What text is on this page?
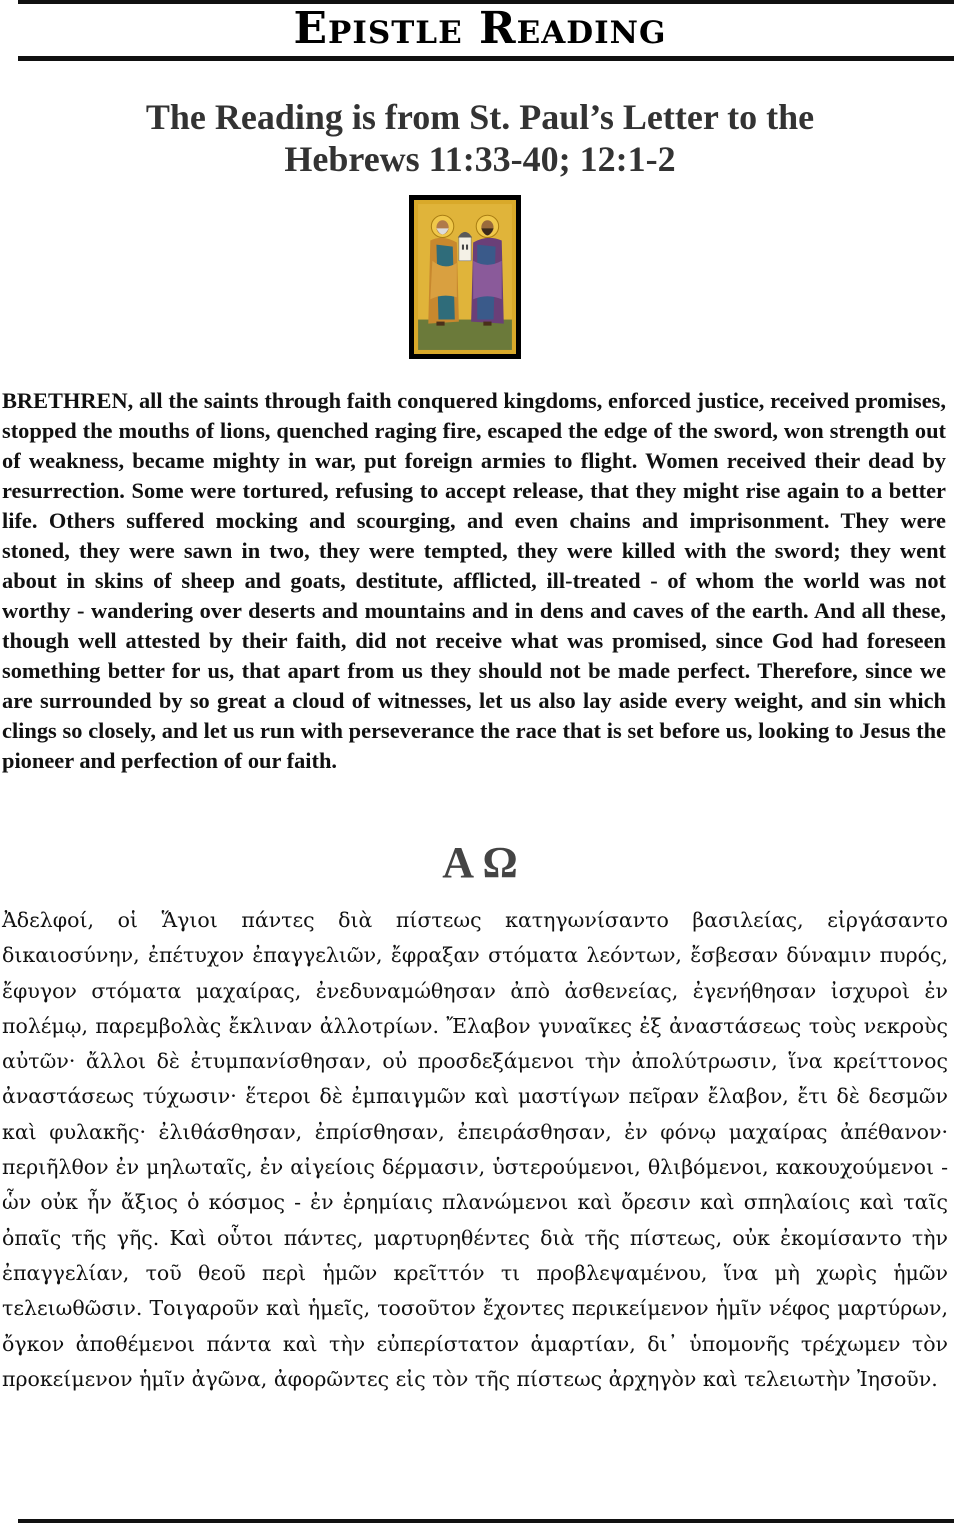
Epistle Reading
The Reading is from St. Paul’s Letter to the
Hebrews 11:33-40; 12:1-2

BRETHREN, all the saints through faith conquered kingdoms, enforced justice, received promises, stopped the mouths of lions, quenched raging fire, escaped the edge of the sword, won strength out of weakness, became mighty in war, put foreign armies to flight. Women received their dead by resurrection. Some were tortured, refusing to accept release, that they might rise again to a better life. Others suffered mocking and scourging, and even chains and imprisonment. They were stoned, they were sawn in two, they were tempted, they were killed with the sword; they went about in skins of sheep and goats, destitute, afflicted, ill-treated - of whom the world was not worthy - wandering over deserts and mountains and in dens and caves of the earth. And all these, though well attested by their faith, did not receive what was promised, since God had foreseen something better for us, that apart from us they should not be made perfect. Therefore, since we are surrounded by so great a cloud of witnesses, let us also lay aside every weight, and sin which clings so closely, and let us run with perseverance the race that is set before us, looking to Jesus the pioneer and perfection of our faith.

Α Ω

Ἀδελφοί, οἱ Ἅγιοι πάντες διὰ πίστεως κατηγωνίσαντο βασιλείας, εἰργάσαντο δικαιοσύνην, ἐπέτυχον ἐπαγγελιῶν, ἔφραξαν στόματα λεόντων, ἔσβεσαν δύναμιν πυρός, ἔφυγον στόματα μαχαίρας, ἐνεδυναμώθησαν ἀπὸ ἀσθενείας, ἐγενήθησαν ἰσχυροὶ ἐν πολέμῳ, παρεμβολὰς ἔκλιναν ἀλλοτρίων. Ἔλαβον γυναῖκες ἐξ ἀναστάσεως τοὺς νεκροὺς αὐτῶν· ἄλλοι δὲ ἐτυμπανίσθησαν, οὐ προσδεξάμενοι τὴν ἀπολύτρωσιν, ἵνα κρείττονος ἀναστάσεως τύχωσιν· ἕτεροι δὲ ἐμπαιγμῶν καὶ μαστίγων πεῖραν ἔλαβον, ἔτι δὲ δεσμῶν καὶ φυλακῆς· ἐλιθάσθησαν, ἐπρίσθησαν, ἐπειράσθησαν, ἐν φόνῳ μαχαίρας ἀπέθανον· περιῆλθον ἐν μηλωταῖς, ἐν αἰγείοις δέρμασιν, ὑστερούμενοι, θλιβόμενοι, κακουχούμενοι - ὧν οὐκ ἦν ἄξιος ὁ κόσμος - ἐν ἐρημίαις πλανώμενοι καὶ ὄρεσιν καὶ σπηλαίοις καὶ ταῖς ὀπαῖς τῆς γῆς. Καὶ οὗτοι πάντες, μαρτυρηθέντες διὰ τῆς πίστεως, οὐκ ἐκομίσαντο τὴν ἐπαγγελίαν, τοῦ θεοῦ περὶ ἡμῶν κρεῖττόν τι προβλεψαμένου, ἵνα μὴ χωρὶς ἡμῶν τελειωθῶσιν. Τοιγαροῦν καὶ ἡμεῖς, τοσοῦτον ἔχοντες περικείμενον ἡμῖν νέφος μαρτύρων, ὄγκον ἀποθέμενοι πάντα καὶ τὴν εὐπερίστατον ἁμαρτίαν, δι᾽ ὑπομονῆς τρέχωμεν τὸν προκείμενον ἡμῖν ἀγῶνα, ἀφορῶντες εἰς τὸν τῆς πίστεως ἀρχηγὸν καὶ τελειωτὴν Ἰησοῦν.
